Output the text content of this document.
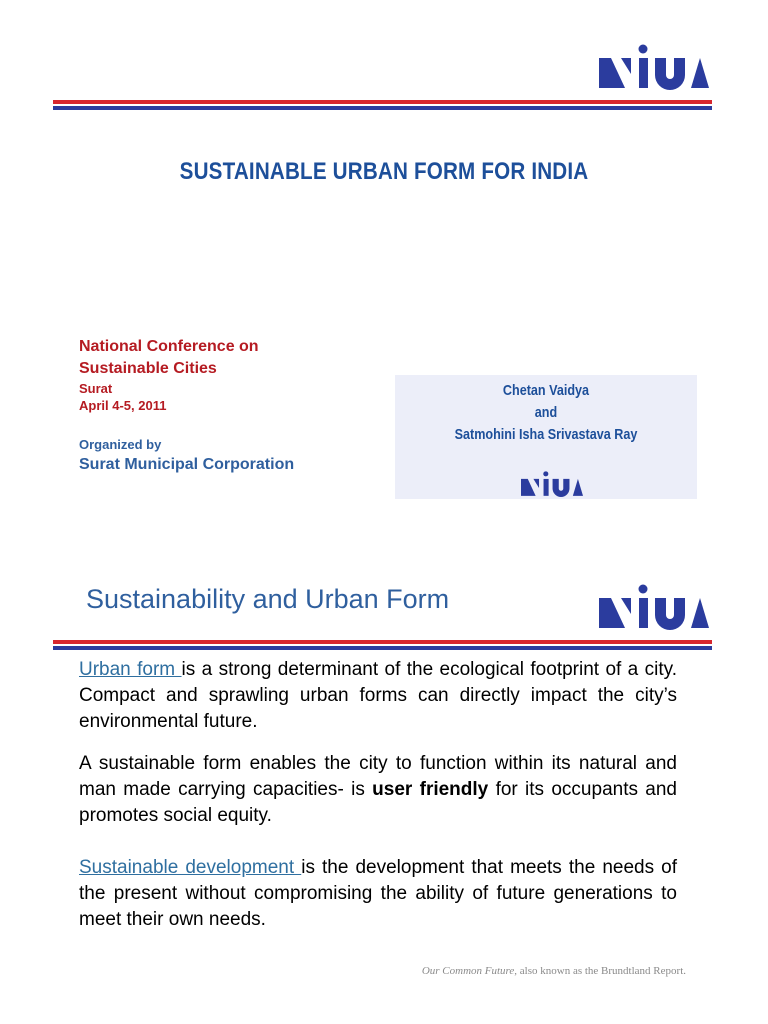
SUSTAINABLE URBAN FORM FOR INDIA
National Conference on
Sustainable Cities
Surat
April 4-5, 2011
Organized by
Surat Municipal Corporation
Chetan Vaidya
and
Satmohini Isha Srivastava Ray
Sustainability and Urban Form
Urban form is a strong determinant of the ecological footprint of a city. Compact and sprawling urban forms can directly impact the city’s environmental future.
A sustainable form enables the city to function within its natural and man made carrying capacities- is user friendly for its occupants and promotes social equity.
Sustainable development is the development that meets the needs of the present without compromising the ability of future generations to meet their own needs.
Our Common Future, also known as the Brundtland Report.
